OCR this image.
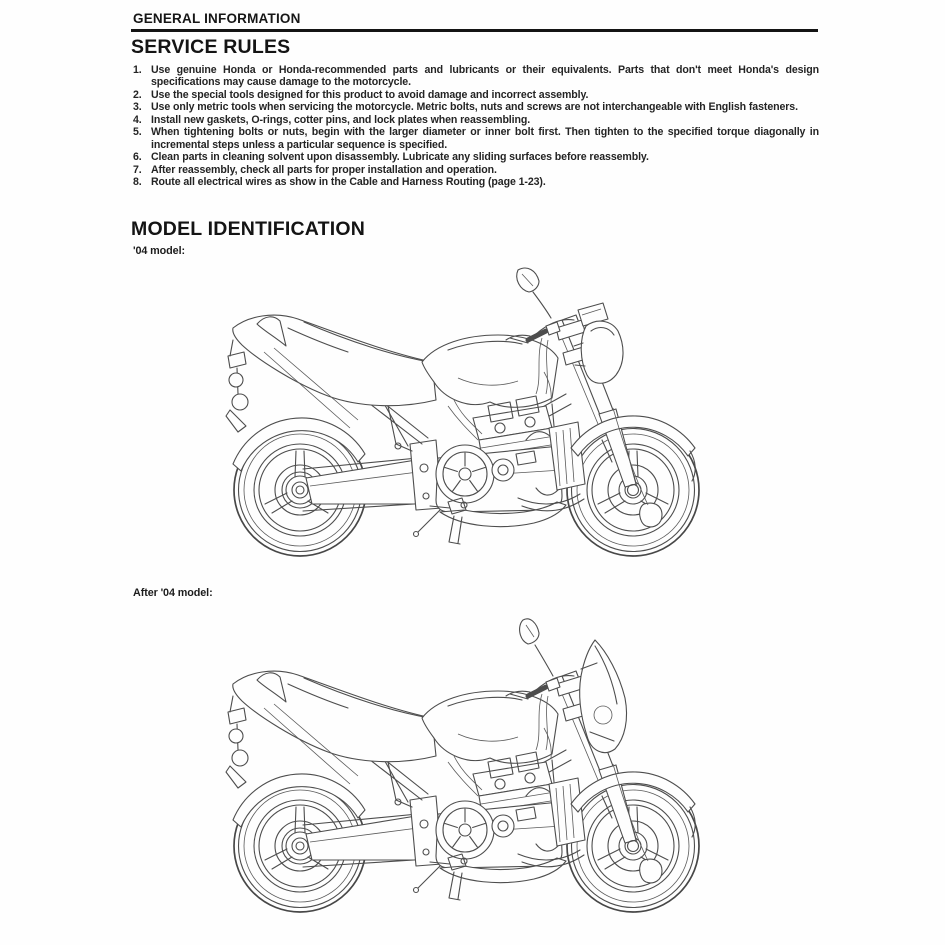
GENERAL INFORMATION
SERVICE RULES
1. Use genuine Honda or Honda-recommended parts and lubricants or their equivalents. Parts that don't meet Honda's design specifications may cause damage to the motorcycle.
2. Use the special tools designed for this product to avoid damage and incorrect assembly.
3. Use only metric tools when servicing the motorcycle. Metric bolts, nuts and screws are not interchangeable with English fasteners.
4. Install new gaskets, O-rings, cotter pins, and lock plates when reassembling.
5. When tightening bolts or nuts, begin with the larger diameter or inner bolt first. Then tighten to the specified torque diagonally in incremental steps unless a particular sequence is specified.
6. Clean parts in cleaning solvent upon disassembly. Lubricate any sliding surfaces before reassembly.
7. After reassembly, check all parts for proper installation and operation.
8. Route all electrical wires as show in the Cable and Harness Routing (page 1-23).
MODEL IDENTIFICATION
'04 model:
After '04 model:
